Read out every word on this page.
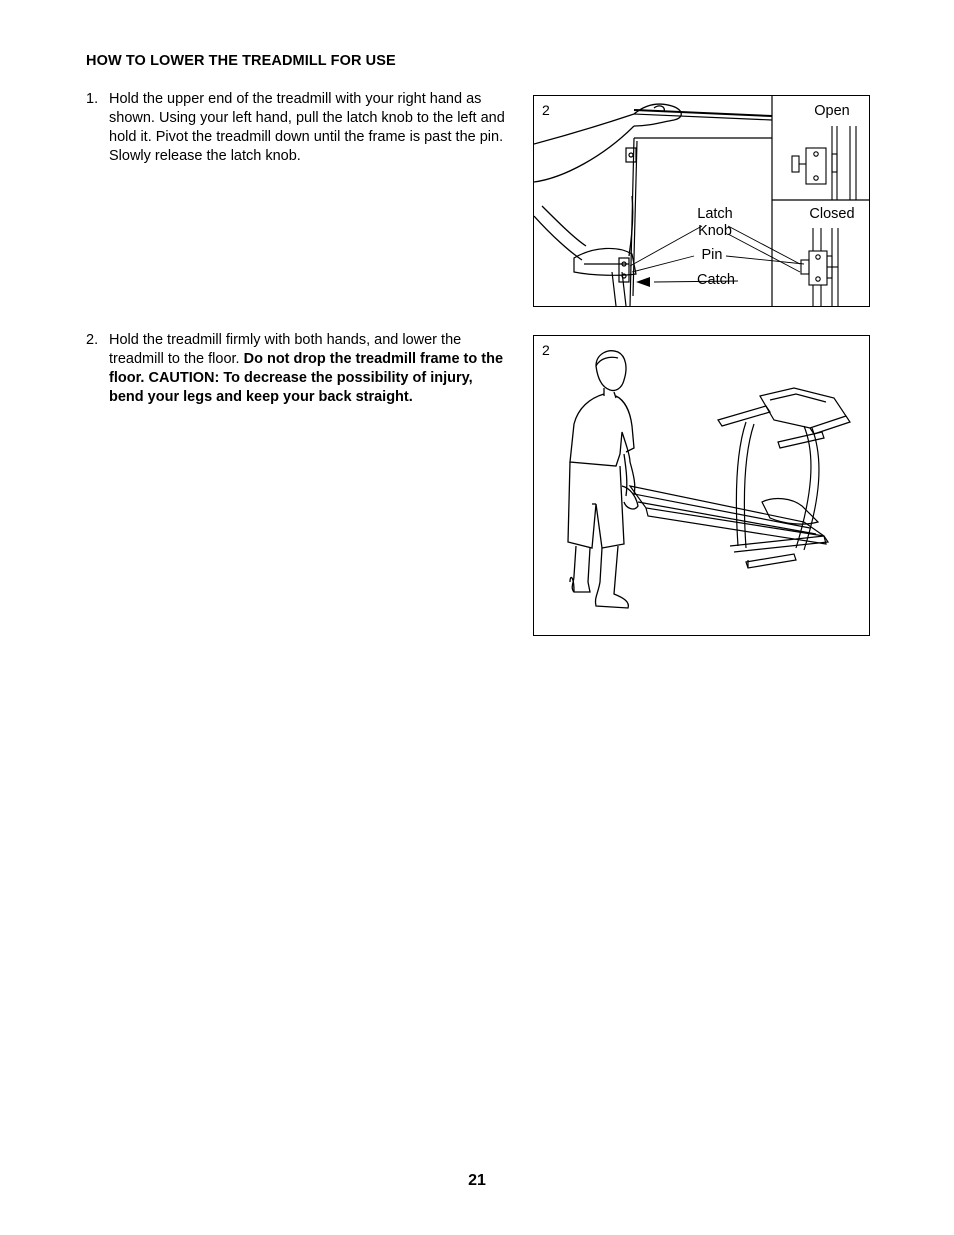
HOW TO LOWER THE TREADMILL FOR USE
1. Hold the upper end of the treadmill with your right hand as shown. Using your left hand, pull the latch knob to the left and hold it. Pivot the treadmill down until the frame is past the pin. Slowly release the latch knob.
2. Hold the treadmill firmly with both hands, and lower the treadmill to the floor. Do not drop the treadmill frame to the floor. CAUTION: To decrease the possibility of injury, bend your legs and keep your back straight.
2	Open
Closed
Latch
Knob
Pin
Catch
2
21
